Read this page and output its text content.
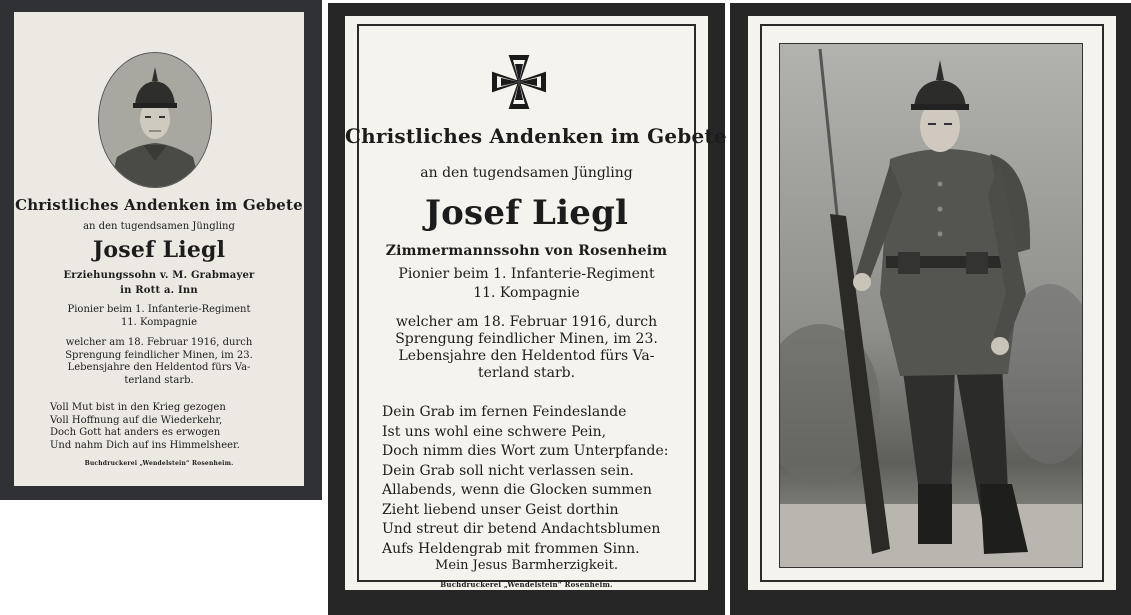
Christliches Andenken im Gebete
an den tugendsamen Jüngling
Josef Liegl
Erziehungssohn v. M. Grabmayer
in Rott a. Inn
Pionier beim 1. Infanterie-Regiment
11. Kompagnie
welcher am 18. Februar 1916, durch
Sprengung feindlicher Minen, im 23.
Lebensjahre den Heldentod fürs Va-
terland starb.
Voll Mut bist in den Krieg gezogen
Voll Hoffnung auf die Wiederkehr,
Doch Gott hat anders es erwogen
Und nahm Dich auf ins Himmelsheer.
Buchdruckerei „Wendelstein“ Rosenheim.
Christliches Andenken im Gebete
an den tugendsamen Jüngling
Josef Liegl
Zimmermannssohn von Rosenheim
Pionier beim 1. Infanterie-Regiment
11. Kompagnie
welcher am 18. Februar 1916, durch
Sprengung feindlicher Minen, im 23.
Lebensjahre den Heldentod fürs Va-
terland starb.
Dein Grab im fernen Feindeslande
Ist uns wohl eine schwere Pein,
Doch nimm dies Wort zum Unterpfande:
Dein Grab soll nicht verlassen sein.
Allabends, wenn die Glocken summen
Zieht liebend unser Geist dorthin
Und streut dir betend Andachtsblumen
Aufs Heldengrab mit frommen Sinn.
Mein Jesus Barmherzigkeit.
Buchdruckerei „Wendelstein“ Rosenheim.
